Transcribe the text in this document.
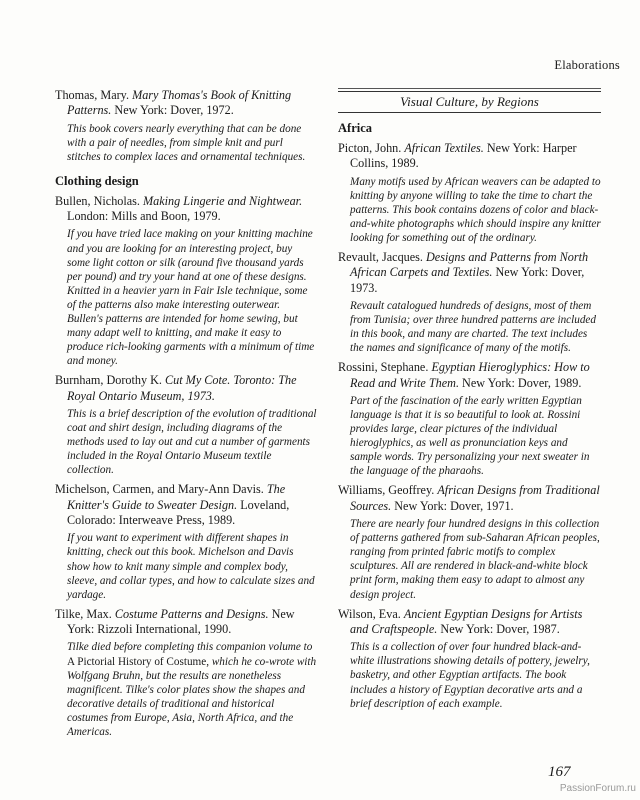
Elaborations
Thomas, Mary. Mary Thomas's Book of Knitting Patterns. New York: Dover, 1972.
This book covers nearly everything that can be done with a pair of needles, from simple knit and purl stitches to complex laces and ornamental techniques.
Clothing design
Bullen, Nicholas. Making Lingerie and Nightwear. London: Mills and Boon, 1979.
If you have tried lace making on your knitting machine and you are looking for an interesting project, buy some light cotton or silk (around five thousand yards per pound) and try your hand at one of these designs. Knitted in a heavier yarn in Fair Isle technique, some of the patterns also make interesting outerwear. Bullen's patterns are intended for home sewing, but many adapt well to knitting, and make it easy to produce rich-looking garments with a minimum of time and money.
Burnham, Dorothy K. Cut My Cote. Toronto: The Royal Ontario Museum, 1973.
This is a brief description of the evolution of traditional coat and shirt design, including diagrams of the methods used to lay out and cut a number of garments included in the Royal Ontario Museum textile collection.
Michelson, Carmen, and Mary-Ann Davis. The Knitter's Guide to Sweater Design. Loveland, Colorado: Interweave Press, 1989.
If you want to experiment with different shapes in knitting, check out this book. Michelson and Davis show how to knit many simple and complex body, sleeve, and collar types, and how to calculate sizes and yardage.
Tilke, Max. Costume Patterns and Designs. New York: Rizzoli International, 1990.
Tilke died before completing this companion volume to A Pictorial History of Costume, which he co-wrote with Wolfgang Bruhn, but the results are nonetheless magnificent. Tilke's color plates show the shapes and decorative details of traditional and historical costumes from Europe, Asia, North Africa, and the Americas.
Visual Culture, by Regions
Africa
Picton, John. African Textiles. New York: Harper Collins, 1989.
Many motifs used by African weavers can be adapted to knitting by anyone willing to take the time to chart the patterns. This book contains dozens of color and black-and-white photographs which should inspire any knitter looking for something out of the ordinary.
Revault, Jacques. Designs and Patterns from North African Carpets and Textiles. New York: Dover, 1973.
Revault catalogued hundreds of designs, most of them from Tunisia; over three hundred patterns are included in this book, and many are charted. The text includes the names and significance of many of the motifs.
Rossini, Stephane. Egyptian Hieroglyphics: How to Read and Write Them. New York: Dover, 1989.
Part of the fascination of the early written Egyptian language is that it is so beautiful to look at. Rossini provides large, clear pictures of the individual hieroglyphics, as well as pronunciation keys and sample words. Try personalizing your next sweater in the language of the pharaohs.
Williams, Geoffrey. African Designs from Traditional Sources. New York: Dover, 1971.
There are nearly four hundred designs in this collection of patterns gathered from sub-Saharan African peoples, ranging from printed fabric motifs to complex sculptures. All are rendered in black-and-white block print form, making them easy to adapt to almost any design project.
Wilson, Eva. Ancient Egyptian Designs for Artists and Craftspeople. New York: Dover, 1987.
This is a collection of over four hundred black-and-white illustrations showing details of pottery, jewelry, basketry, and other Egyptian artifacts. The book includes a history of Egyptian decorative arts and a brief description of each example.
167
PassionForum.ru
